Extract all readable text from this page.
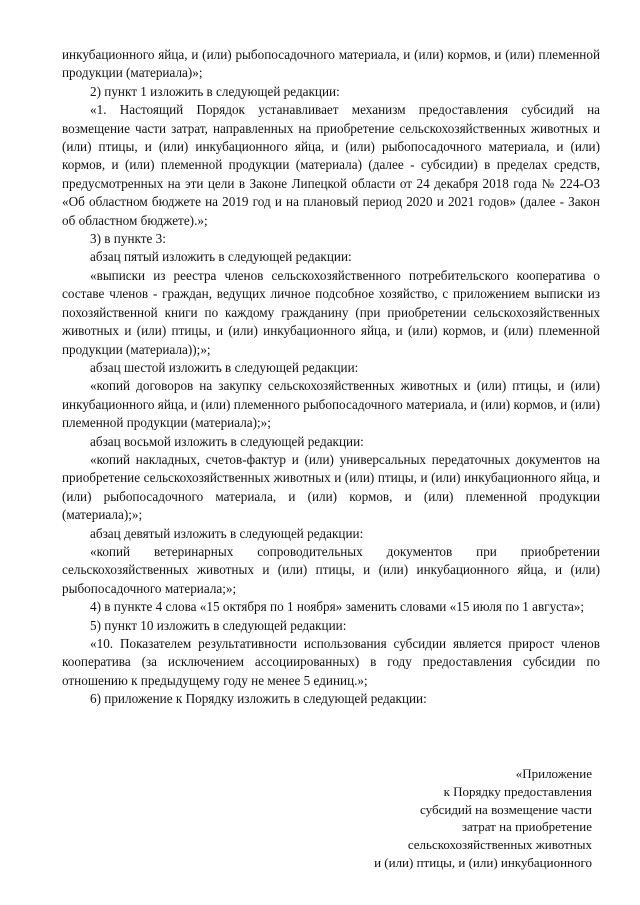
инкубационного яйца, и (или) рыбопосадочного материала, и (или) кормов, и (или) племенной продукции (материала)»;

2) пункт 1 изложить в следующей редакции:

«1. Настоящий Порядок устанавливает механизм предоставления субсидий на возмещение части затрат, направленных на приобретение сельскохозяйственных животных и (или) птицы, и (или) инкубационного яйца, и (или) рыбопосадочного материала, и (или) кормов, и (или) племенной продукции (материала) (далее - субсидии) в пределах средств, предусмотренных на эти цели в Законе Липецкой области от 24 декабря 2018 года № 224-ОЗ «Об областном бюджете на 2019 год и на плановый период 2020 и 2021 годов» (далее - Закон об областном бюджете).»;

3) в пункте 3:

абзац пятый изложить в следующей редакции:

«выписки из реестра членов сельскохозяйственного потребительского кооператива о составе членов - граждан, ведущих личное подсобное хозяйство, с приложением выписки из похозяйственной книги по каждому гражданину (при приобретении сельскохозяйственных животных и (или) птицы, и (или) инкубационного яйца, и (или) кормов, и (или) племенной продукции (материала));»;

абзац шестой изложить в следующей редакции:

«копий договоров на закупку сельскохозяйственных животных и (или) птицы, и (или) инкубационного яйца, и (или) племенного рыбопосадочного материала, и (или) кормов, и (или) племенной продукции (материала);»;

абзац восьмой изложить в следующей редакции:

«копий накладных, счетов-фактур и (или) универсальных передаточных документов на приобретение сельскохозяйственных животных и (или) птицы, и (или) инкубационного яйца, и (или) рыбопосадочного материала, и (или) кормов, и (или) племенной продукции (материала);»;

абзац девятый изложить в следующей редакции:

«копий ветеринарных сопроводительных документов при приобретении сельскохозяйственных животных и (или) птицы, и (или) инкубационного яйца, и (или) рыбопосадочного материала;»;

4) в пункте 4 слова «15 октября по 1 ноября» заменить словами «15 июля по 1 августа»;

5) пункт 10 изложить в следующей редакции:

«10. Показателем результативности использования субсидии является прирост членов кооператива (за исключением ассоциированных) в году предоставления субсидии по отношению к предыдущему году не менее 5 единиц.»;

6) приложение к Порядку изложить в следующей редакции:

«Приложение
к Порядку предоставления
субсидий на возмещение части
затрат на приобретение
сельскохозяйственных животных
и (или) птицы, и (или) инкубационного
